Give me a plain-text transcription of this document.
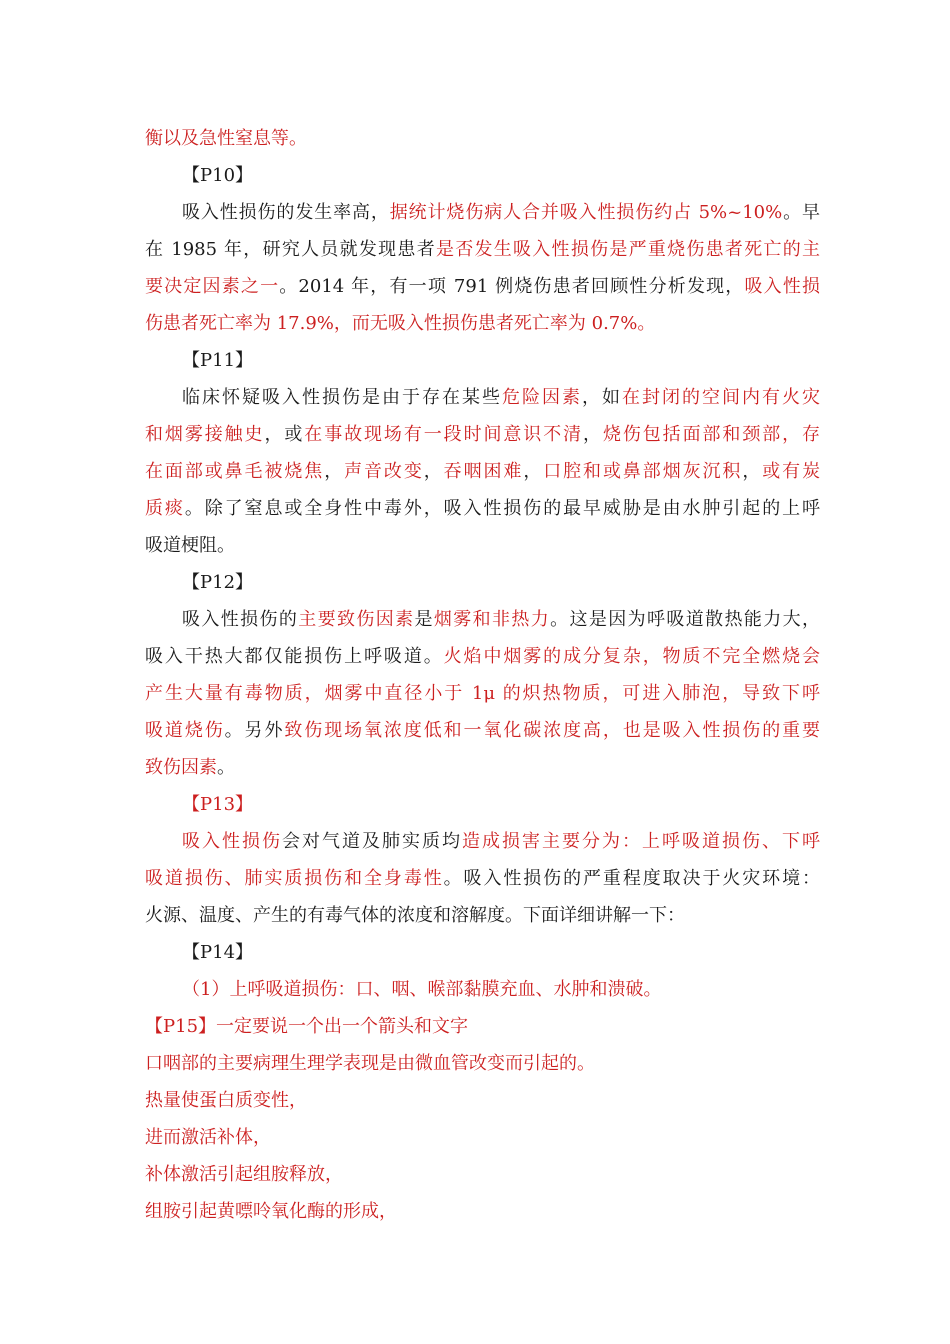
衡以及急性窒息等。
【P10】
吸入性损伤的发生率高，据统计烧伤病人合并吸入性损伤约占 5%~10%。早
在 1985 年，研究人员就发现患者是否发生吸入性损伤是严重烧伤患者死亡的主
要决定因素之一。2014 年，有一项 791 例烧伤患者回顾性分析发现，吸入性损
伤患者死亡率为 17.9%，而无吸入性损伤患者死亡率为 0.7%。
【P11】
临床怀疑吸入性损伤是由于存在某些危险因素，如在封闭的空间内有火灾
和烟雾接触史，或在事故现场有一段时间意识不清，烧伤包括面部和颈部，存
在面部或鼻毛被烧焦，声音改变，吞咽困难，口腔和或鼻部烟灰沉积，或有炭
质痰。除了窒息或全身性中毒外，吸入性损伤的最早威胁是由水肿引起的上呼
吸道梗阻。
【P12】
吸入性损伤的主要致伤因素是烟雾和非热力。这是因为呼吸道散热能力大，
吸入干热大都仅能损伤上呼吸道。火焰中烟雾的成分复杂，物质不完全燃烧会
产生大量有毒物质，烟雾中直径小于 1μ 的炽热物质，可进入肺泡，导致下呼
吸道烧伤。另外致伤现场氧浓度低和一氧化碳浓度高，也是吸入性损伤的重要
致伤因素。
【P13】
吸入性损伤会对气道及肺实质均造成损害主要分为：上呼吸道损伤、下呼
吸道损伤、肺实质损伤和全身毒性。吸入性损伤的严重程度取决于火灾环境：
火源、温度、产生的有毒气体的浓度和溶解度。下面详细讲解一下：
【P14】
（1）上呼吸道损伤：口、咽、喉部黏膜充血、水肿和溃破。
【P15】一定要说一个出一个箭头和文字
口咽部的主要病理生理学表现是由微血管改变而引起的。
热量使蛋白质变性，
进而激活补体，
补体激活引起组胺释放，
组胺引起黄嘌呤氧化酶的形成，
